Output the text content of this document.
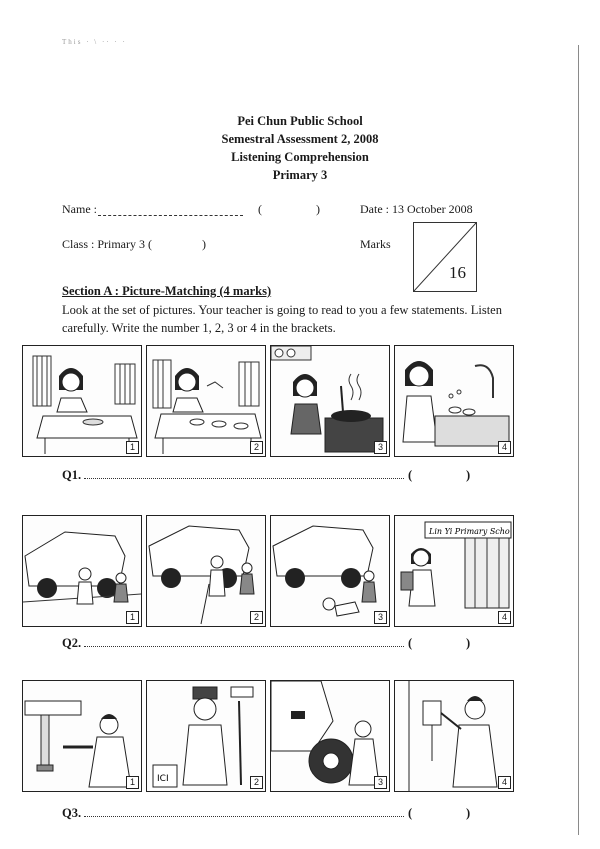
This · \ ·· · ·
Pei Chun Public School
Semestral Assessment 2, 2008
Listening Comprehension
Primary 3
Name :	(	)	Date : 13 October 2008
Class : Primary 3 (	)	Marks
16
Section A : Picture-Matching (4 marks)
Look at the set of pictures. Your teacher is going to read to you a few statements. Listen carefully. Write the number 1, 2, 3 or 4 in the brackets.
1	2	3	4
Q1.	(	)
1	2	3
Lin Yi Primary Scho
4
Q2.	(	)
1	ICI	2	3	4
Q3.	(	)
